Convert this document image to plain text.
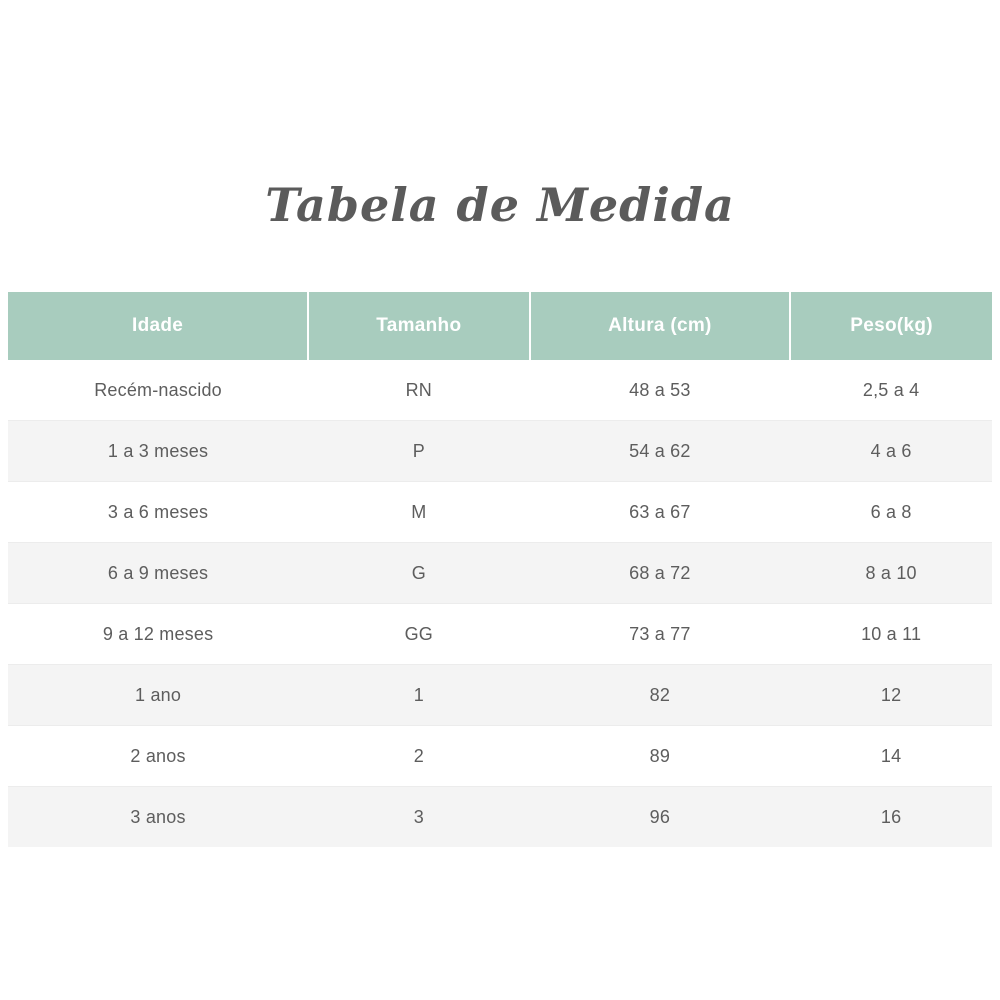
Tabela de Medida
Idade	Tamanho	Altura (cm)	Peso(kg)
Recém-nascido	RN	48 a 53	2,5 a 4
1 a 3 meses	P	54 a 62	4 a 6
3 a 6 meses	M	63 a 67	6 a 8
6 a 9 meses	G	68 a 72	8 a 10
9 a 12 meses	GG	73 a 77	10 a 11
1 ano	1	82	12
2 anos	2	89	14
3 anos	3	96	16
